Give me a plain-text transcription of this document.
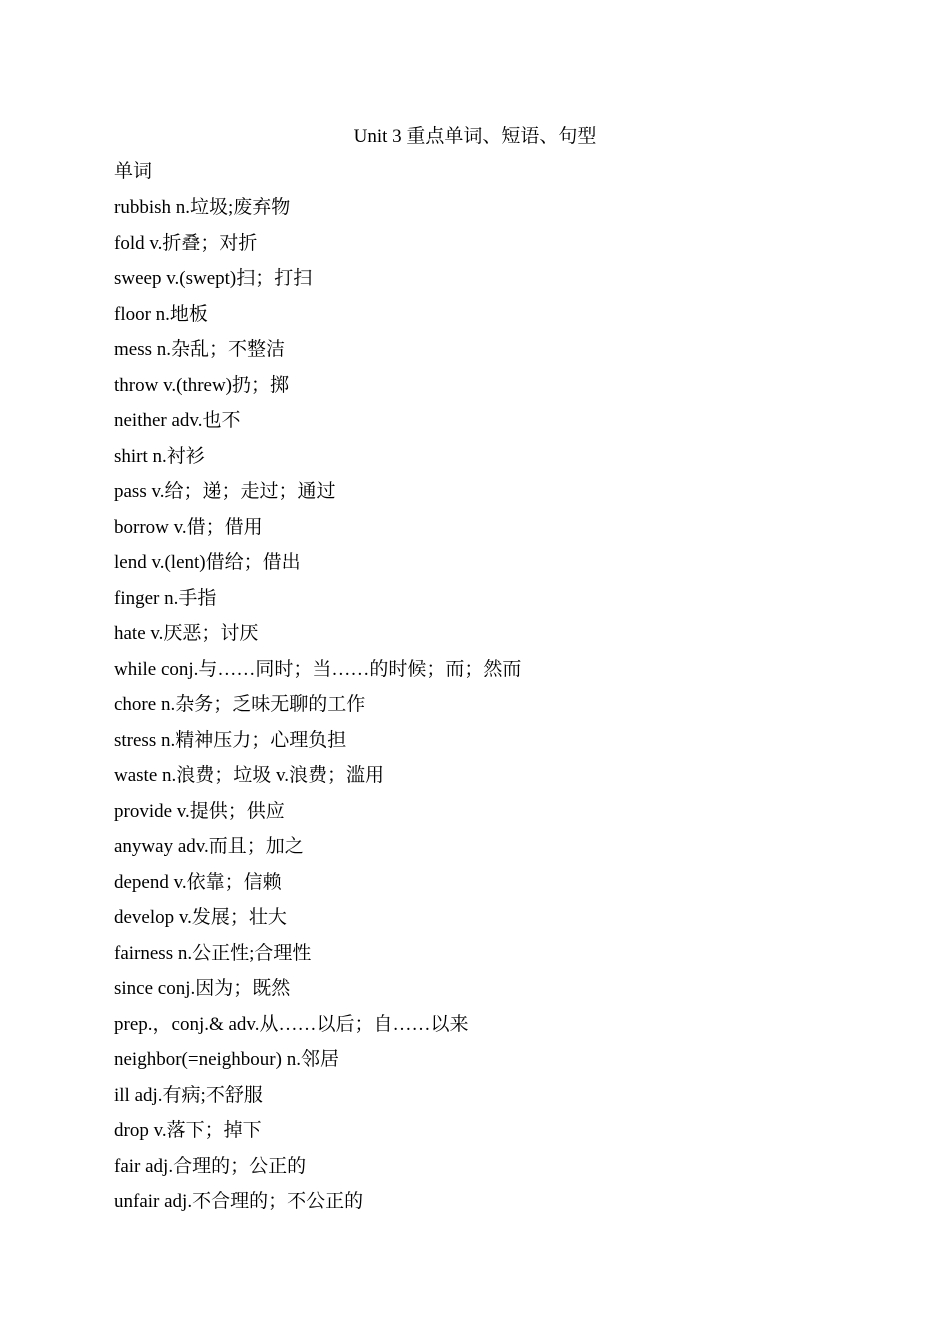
Unit 3 重点单词、短语、句型
单词
rubbish n.垃圾;废弃物
fold v.折叠；对折
sweep v.(swept)扫；打扫
floor n.地板
mess n.杂乱；不整洁
throw v.(threw)扔；掷
neither adv.也不
shirt n.衬衫
pass v.给；递；走过；通过
borrow v.借；借用
lend v.(lent)借给；借出
finger n.手指
hate v.厌恶；讨厌
while conj.与……同时；当……的时候；而；然而
chore n.杂务；乏味无聊的工作
stress n.精神压力；心理负担
waste n.浪费；垃圾 v.浪费；滥用
provide v.提供；供应
anyway adv.而且；加之
depend v.依靠；信赖
develop v.发展；壮大
fairness n.公正性;合理性
since conj.因为；既然
prep.，conj.& adv.从……以后；自……以来
neighbor(=neighbour) n.邻居
ill adj.有病;不舒服
drop v.落下；掉下
fair adj.合理的；公正的
unfair adj.不合理的；不公正的
